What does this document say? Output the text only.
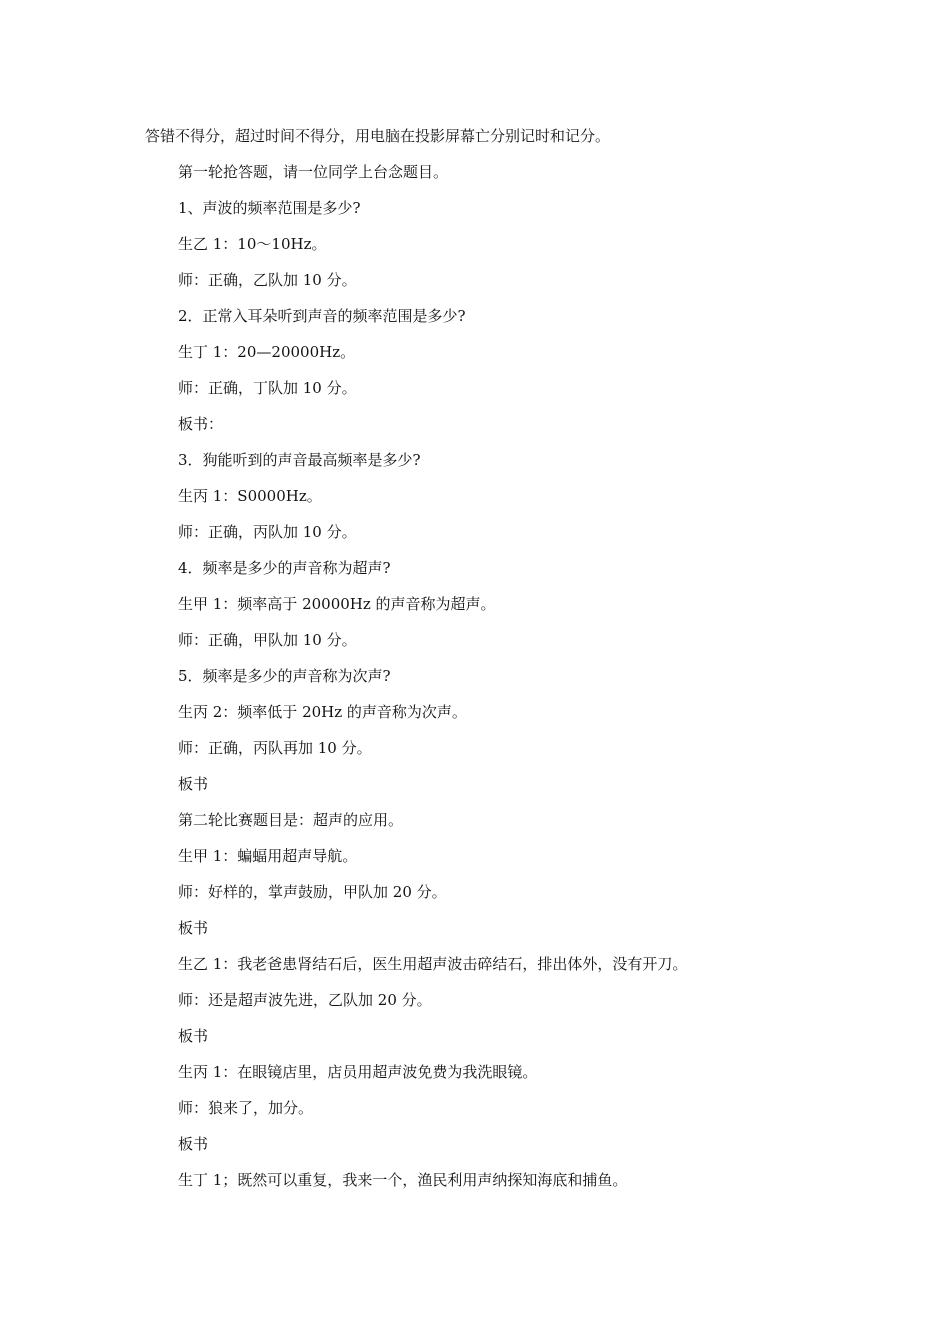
答错不得分，超过时间不得分，用电脑在投影屏幕亡分别记时和记分。
第一轮抢答题，请一位同学上台念题目。
1、声波的频率范围是多少?
生乙 1：10～10Hz。
师：正确，乙队加 10 分。
2．正常入耳朵听到声音的频率范围是多少?
生丁 1：20—20000Hz。
师：正确，丁队加 10 分。
板书：
3．狗能听到的声音最高频率是多少?
生丙 1：S0000Hz。
师：正确，丙队加 10 分。
4．频率是多少的声音称为超声?
生甲 1：频率高于 20000Hz 的声音称为超声。
师：正确，甲队加 10 分。
5．频率是多少的声音称为次声?
生丙 2：频率低于 20Hz 的声音称为次声。
师：正确，丙队再加 10 分。
板书
第二轮比赛题目是：超声的应用。
生甲 1：蝙蝠用超声导航。
师：好样的，掌声鼓励，甲队加 20 分。
板书
生乙 1：我老爸患肾结石后，医生用超声波击碎结石，排出体外，没有开刀。
师：还是超声波先进，乙队加 20 分。
板书
生丙 1：在眼镜店里，店员用超声波免费为我洗眼镜。
师：狼来了，加分。
板书
生丁 1；既然可以重复，我来一个，渔民利用声纳探知海底和捕鱼。
